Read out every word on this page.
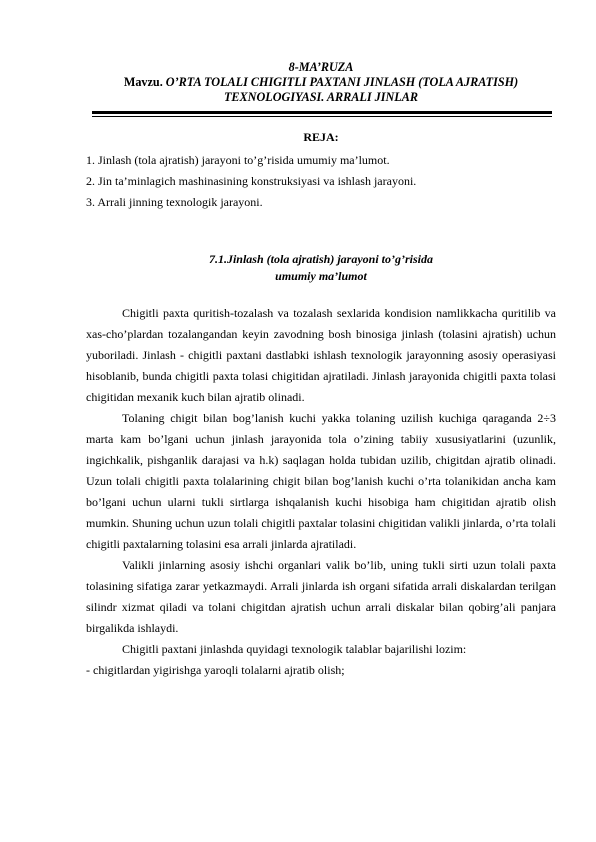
8-MA’RUZA
Mavzu. O’RTA TOLALI CHIGITLI PAXTANI JINLASH (TOLA AJRATISH)
TEXNOLOGIYASI. ARRALI JINLAR
REJA:
1. Jinlash (tola ajratish) jarayoni to’g’risida umumiy ma’lumot.
2. Jin ta’minlagich mashinasining konstruksiyasi va ishlash jarayoni.
3. Arrali jinning texnologik jarayoni.
7.1.Jinlash (tola ajratish) jarayoni to’g’risida
umumiy ma’lumot

Chigitli paxta quritish-tozalash va tozalash sexlarida kondision namlikkacha quritilib va xas-cho’plardan tozalangandan keyin zavodning bosh binosiga jinlash (tolasini ajratish) uchun yuboriladi. Jinlash - chigitli paxtani dastlabki ishlash texnologik jarayonning asosiy operasiyasi hisoblanib, bunda chigitli paxta tolasi chigitidan ajratiladi. Jinlash jarayonida chigitli paxta tolasi chigitidan mexanik kuch bilan ajratib olinadi.

Tolaning chigit bilan bog’lanish kuchi yakka tolaning uzilish kuchiga qaraganda 2÷3 marta kam bo’lgani uchun jinlash jarayonida tola o’zining tabiiy xususiyatlarini (uzunlik, ingichkalik, pishganlik darajasi va h.k) saqlagan holda tubidan uzilib, chigitdan ajratib olinadi. Uzun tolali chigitli paxta tolalarining chigit bilan bog’lanish kuchi o’rta tolanikidan ancha kam bo’lgani uchun ularni tukli sirtlarga ishqalanish kuchi hisobiga ham chigitidan ajratib olish mumkin. Shuning uchun uzun tolali chigitli paxtalar tolasini chigitidan valikli jinlarda, o’rta tolali chigitli paxtalarning tolasini esa arrali jinlarda ajratiladi.

Valikli jinlarning asosiy ishchi organlari valik bo’lib, uning tukli sirti uzun tolali paxta tolasining sifatiga zarar yetkazmaydi. Arrali jinlarda ish organi sifatida arrali diskalardan terilgan silindr xizmat qiladi va tolani chigitdan ajratish uchun arrali diskalar bilan qobirg’ali panjara birgalikda ishlaydi.

Chigitli paxtani jinlashda quyidagi texnologik talablar bajarilishi lozim:

- chigitlardan yigirishga yaroqli tolalarni ajratib olish;
